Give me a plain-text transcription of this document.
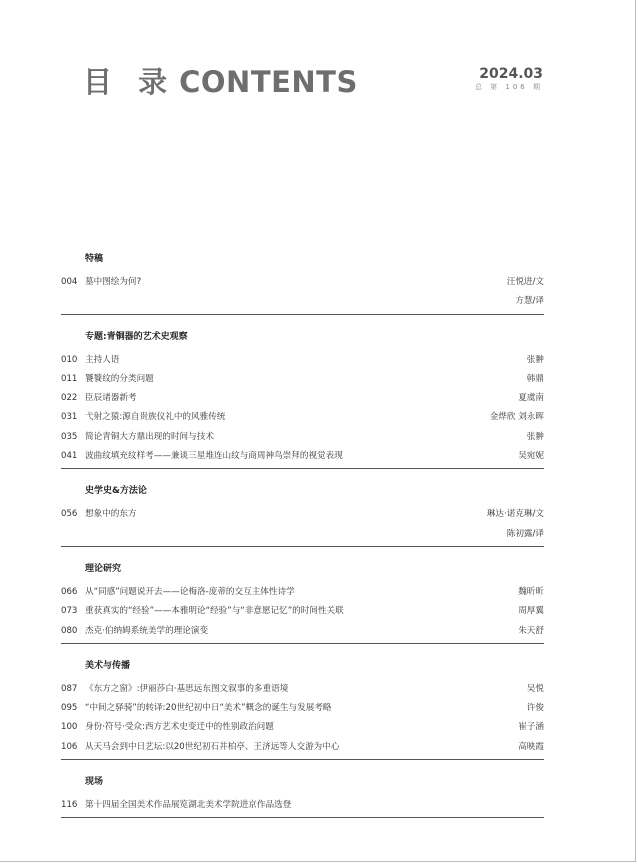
目 录 CONTENTS	2024.03
总 第 106 期
特稿
004 墓中图绘为何?	汪悦进/文
方慧/译
专题:青铜器的艺术史观察
010 主持人语	张翀
011 饕餮纹的分类问题	韩鼎
022 臣辰诸器新考	夏虞南
031 弋射之猿:源自贵族仪礼中的风雅传统	金烨欣 刘永晖
035 简论青铜大方鼎出现的时间与技术	张翀
041 波曲纹填充纹样考——兼谈三星堆连山纹与商周神鸟崇拜的视觉表现	吴宛妮
史学史&方法论
056 想象中的东方	琳达·诺克琳/文
陈初露/译
理论研究
066 从“同感”问题说开去——论梅洛-庞蒂的交互主体性诗学	魏昕昕
073 重获真实的“经验”——本雅明论“经验”与“非意愿记忆”的时间性关联	周厚翼
080 杰克·伯纳姆系统美学的理论演变	朱天舒
美术与传播
087 《东方之窗》:伊丽莎白·基思远东图文叙事的多重语境	吴悦
095 “中间之驿骑”的转译:20世纪初中日“美术”概念的诞生与发展考略	许俊
100 身份·符号·受众:西方艺术史变迁中的性别政治问题	崔子涵
106 从天马会到中日艺坛:以20世纪初石井柏亭、王济远等人交游为中心	高映霞
现场
116 第十四届全国美术作品展览湖北美术学院进京作品选登
